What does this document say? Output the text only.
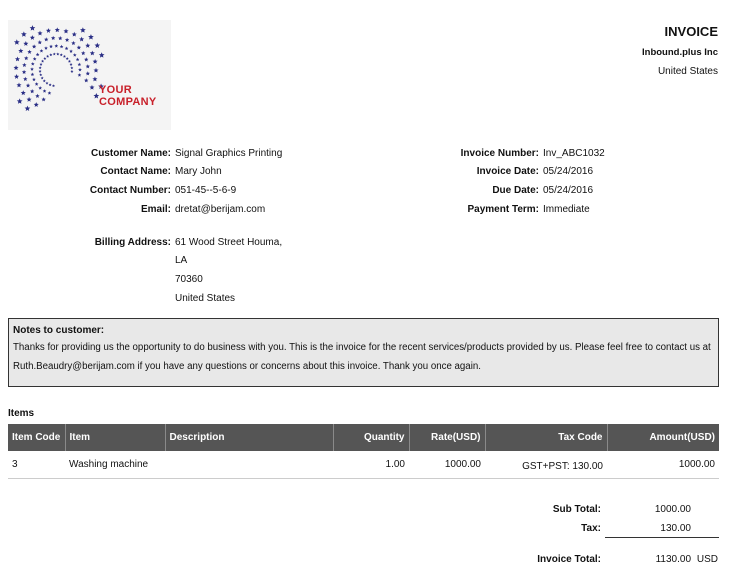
YOUR
COMPANY
INVOICE
Inbound.plus Inc
United States
Customer Name: Signal Graphics Printing
Contact Name: Mary John
Contact Number: 051-45--5-6-9
Email: dretat@berijam.com
Billing Address: 61 Wood Street Houma,
LA
70360
United States
Invoice Number: Inv_ABC1032
Invoice Date: 05/24/2016
Due Date: 05/24/2016
Payment Term: Immediate
Notes to customer:
Thanks for providing us the opportunity to do business with you. This is the invoice for the recent services/products provided by us. Please feel free to contact us at Ruth.Beaudry@berijam.com if you have any questions or concerns about this invoice. Thank you once again.
Items
Item Code	Item	Description	Quantity	Rate(USD)	Tax Code	Amount(USD)
3	Washing machine		1.00	1000.00	GST+PST: 130.00	1000.00
Sub Total:	1000.00
Tax:	130.00
Invoice Total:	1130.00 USD
